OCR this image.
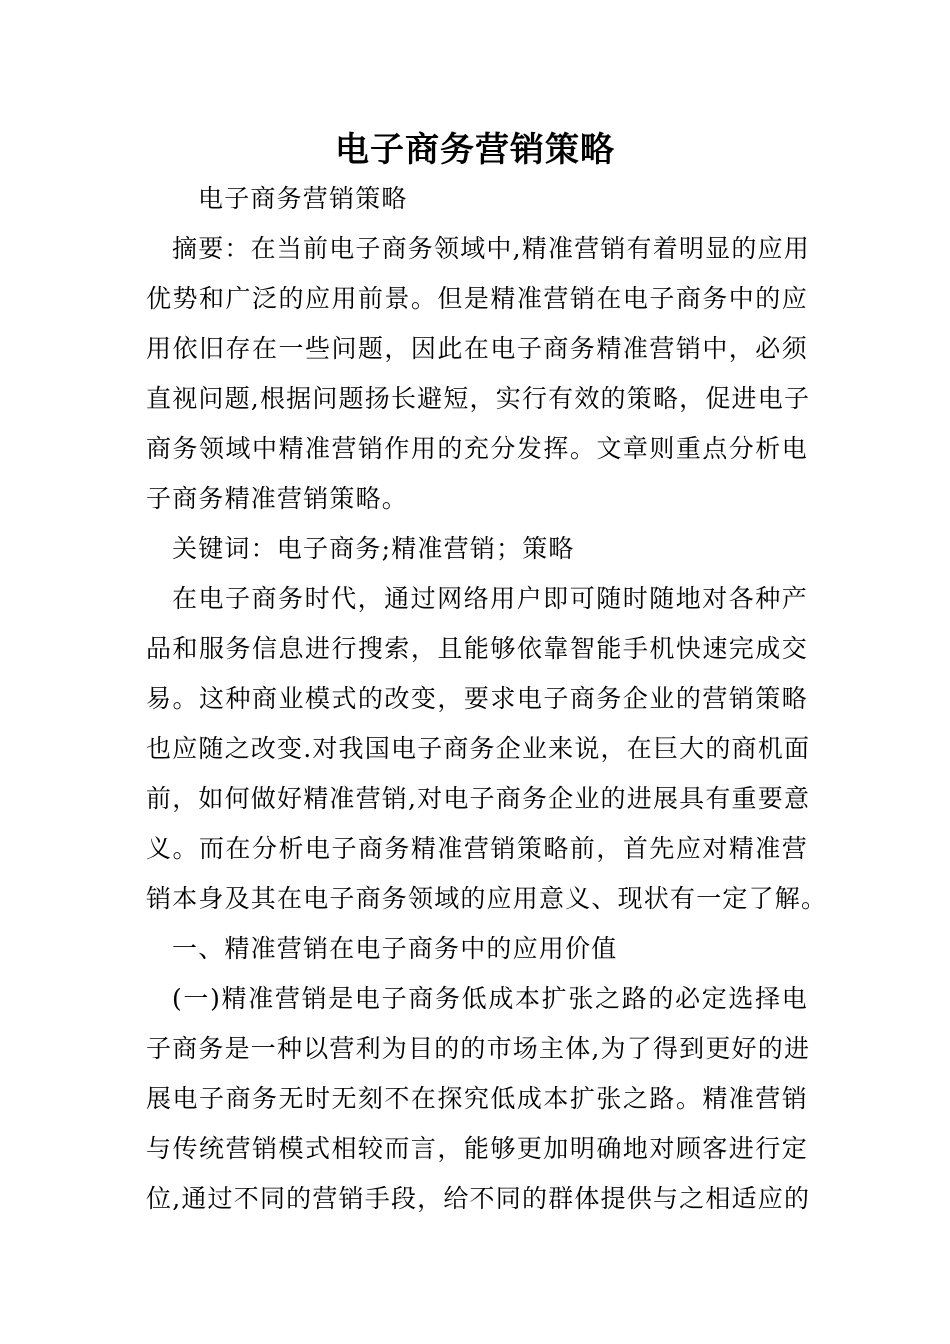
电子商务营销策略
电子商务营销策略
摘要：在当前电子商务领域中,精准营销有着明显的应用
优势和广泛的应用前景。但是精准营销在电子商务中的应
用依旧存在一些问题，因此在电子商务精准营销中，必须
直视问题,根据问题扬长避短，实行有效的策略，促进电子
商务领域中精准营销作用的充分发挥。文章则重点分析电
子商务精准营销策略。
关键词：电子商务;精准营销；策略
在电子商务时代，通过网络用户即可随时随地对各种产
品和服务信息进行搜索，且能够依靠智能手机快速完成交
易。这种商业模式的改变，要求电子商务企业的营销策略
也应随之改变.对我国电子商务企业来说，在巨大的商机面
前，如何做好精准营销,对电子商务企业的进展具有重要意
义。而在分析电子商务精准营销策略前，首先应对精准营
销本身及其在电子商务领域的应用意义、现状有一定了解。
一、精准营销在电子商务中的应用价值
(一)精准营销是电子商务低成本扩张之路的必定选择电
子商务是一种以营利为目的的市场主体,为了得到更好的进
展电子商务无时无刻不在探究低成本扩张之路。精准营销
与传统营销模式相较而言，能够更加明确地对顾客进行定
位,通过不同的营销手段，给不同的群体提供与之相适应的
